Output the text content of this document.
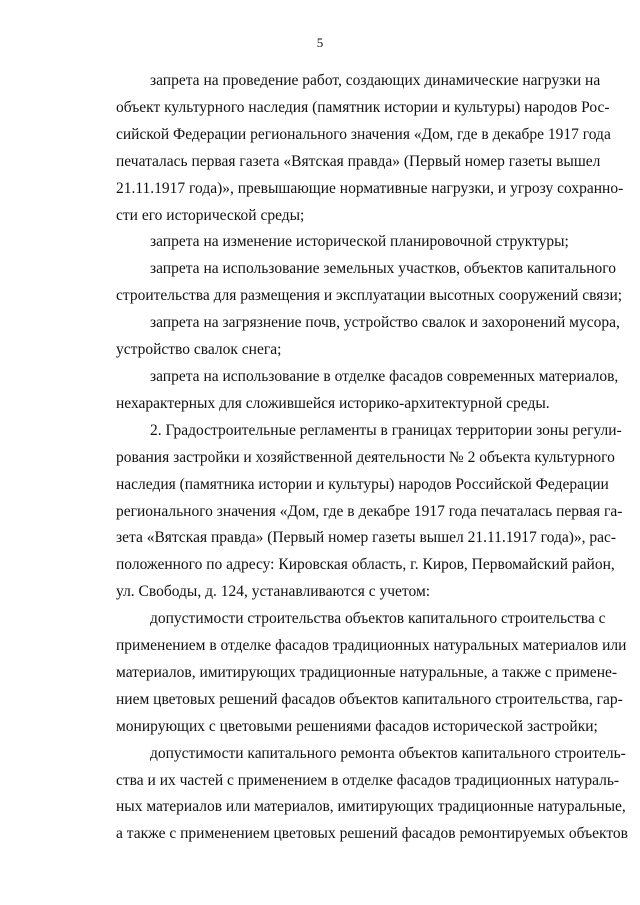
5
запрета на проведение работ, создающих динамические нагрузки на
объект культурного наследия (памятник истории и культуры) народов Рос-
сийской Федерации регионального значения «Дом, где в декабре 1917 года
печаталась первая газета «Вятская правда» (Первый номер газеты вышел
21.11.1917 года)», превышающие нормативные нагрузки, и угрозу сохранно-
сти его исторической среды;
запрета на изменение исторической планировочной структуры;
запрета на использование земельных участков, объектов капитального
строительства для размещения и эксплуатации высотных сооружений связи;
запрета на загрязнение почв, устройство свалок и захоронений мусора,
устройство свалок снега;
запрета на использование в отделке фасадов современных материалов,
нехарактерных для сложившейся историко-архитектурной среды.
2. Градостроительные регламенты в границах территории зоны регули-
рования застройки и хозяйственной деятельности № 2 объекта культурного
наследия (памятника истории и культуры) народов Российской Федерации
регионального значения «Дом, где в декабре 1917 года печаталась первая га-
зета «Вятская правда» (Первый номер газеты вышел 21.11.1917 года)», рас-
положенного по адресу: Кировская область, г. Киров, Первомайский район,
ул. Свободы, д. 124, устанавливаются с учетом:
допустимости строительства объектов капитального строительства с
применением в отделке фасадов традиционных натуральных материалов или
материалов, имитирующих традиционные натуральные, а также с примене-
нием цветовых решений фасадов объектов капитального строительства, гар-
монирующих с цветовыми решениями фасадов исторической застройки;
допустимости капитального ремонта объектов капитального строитель-
ства и их частей с применением в отделке фасадов традиционных натураль-
ных материалов или материалов, имитирующих традиционные натуральные,
а также с применением цветовых решений фасадов ремонтируемых объектов
